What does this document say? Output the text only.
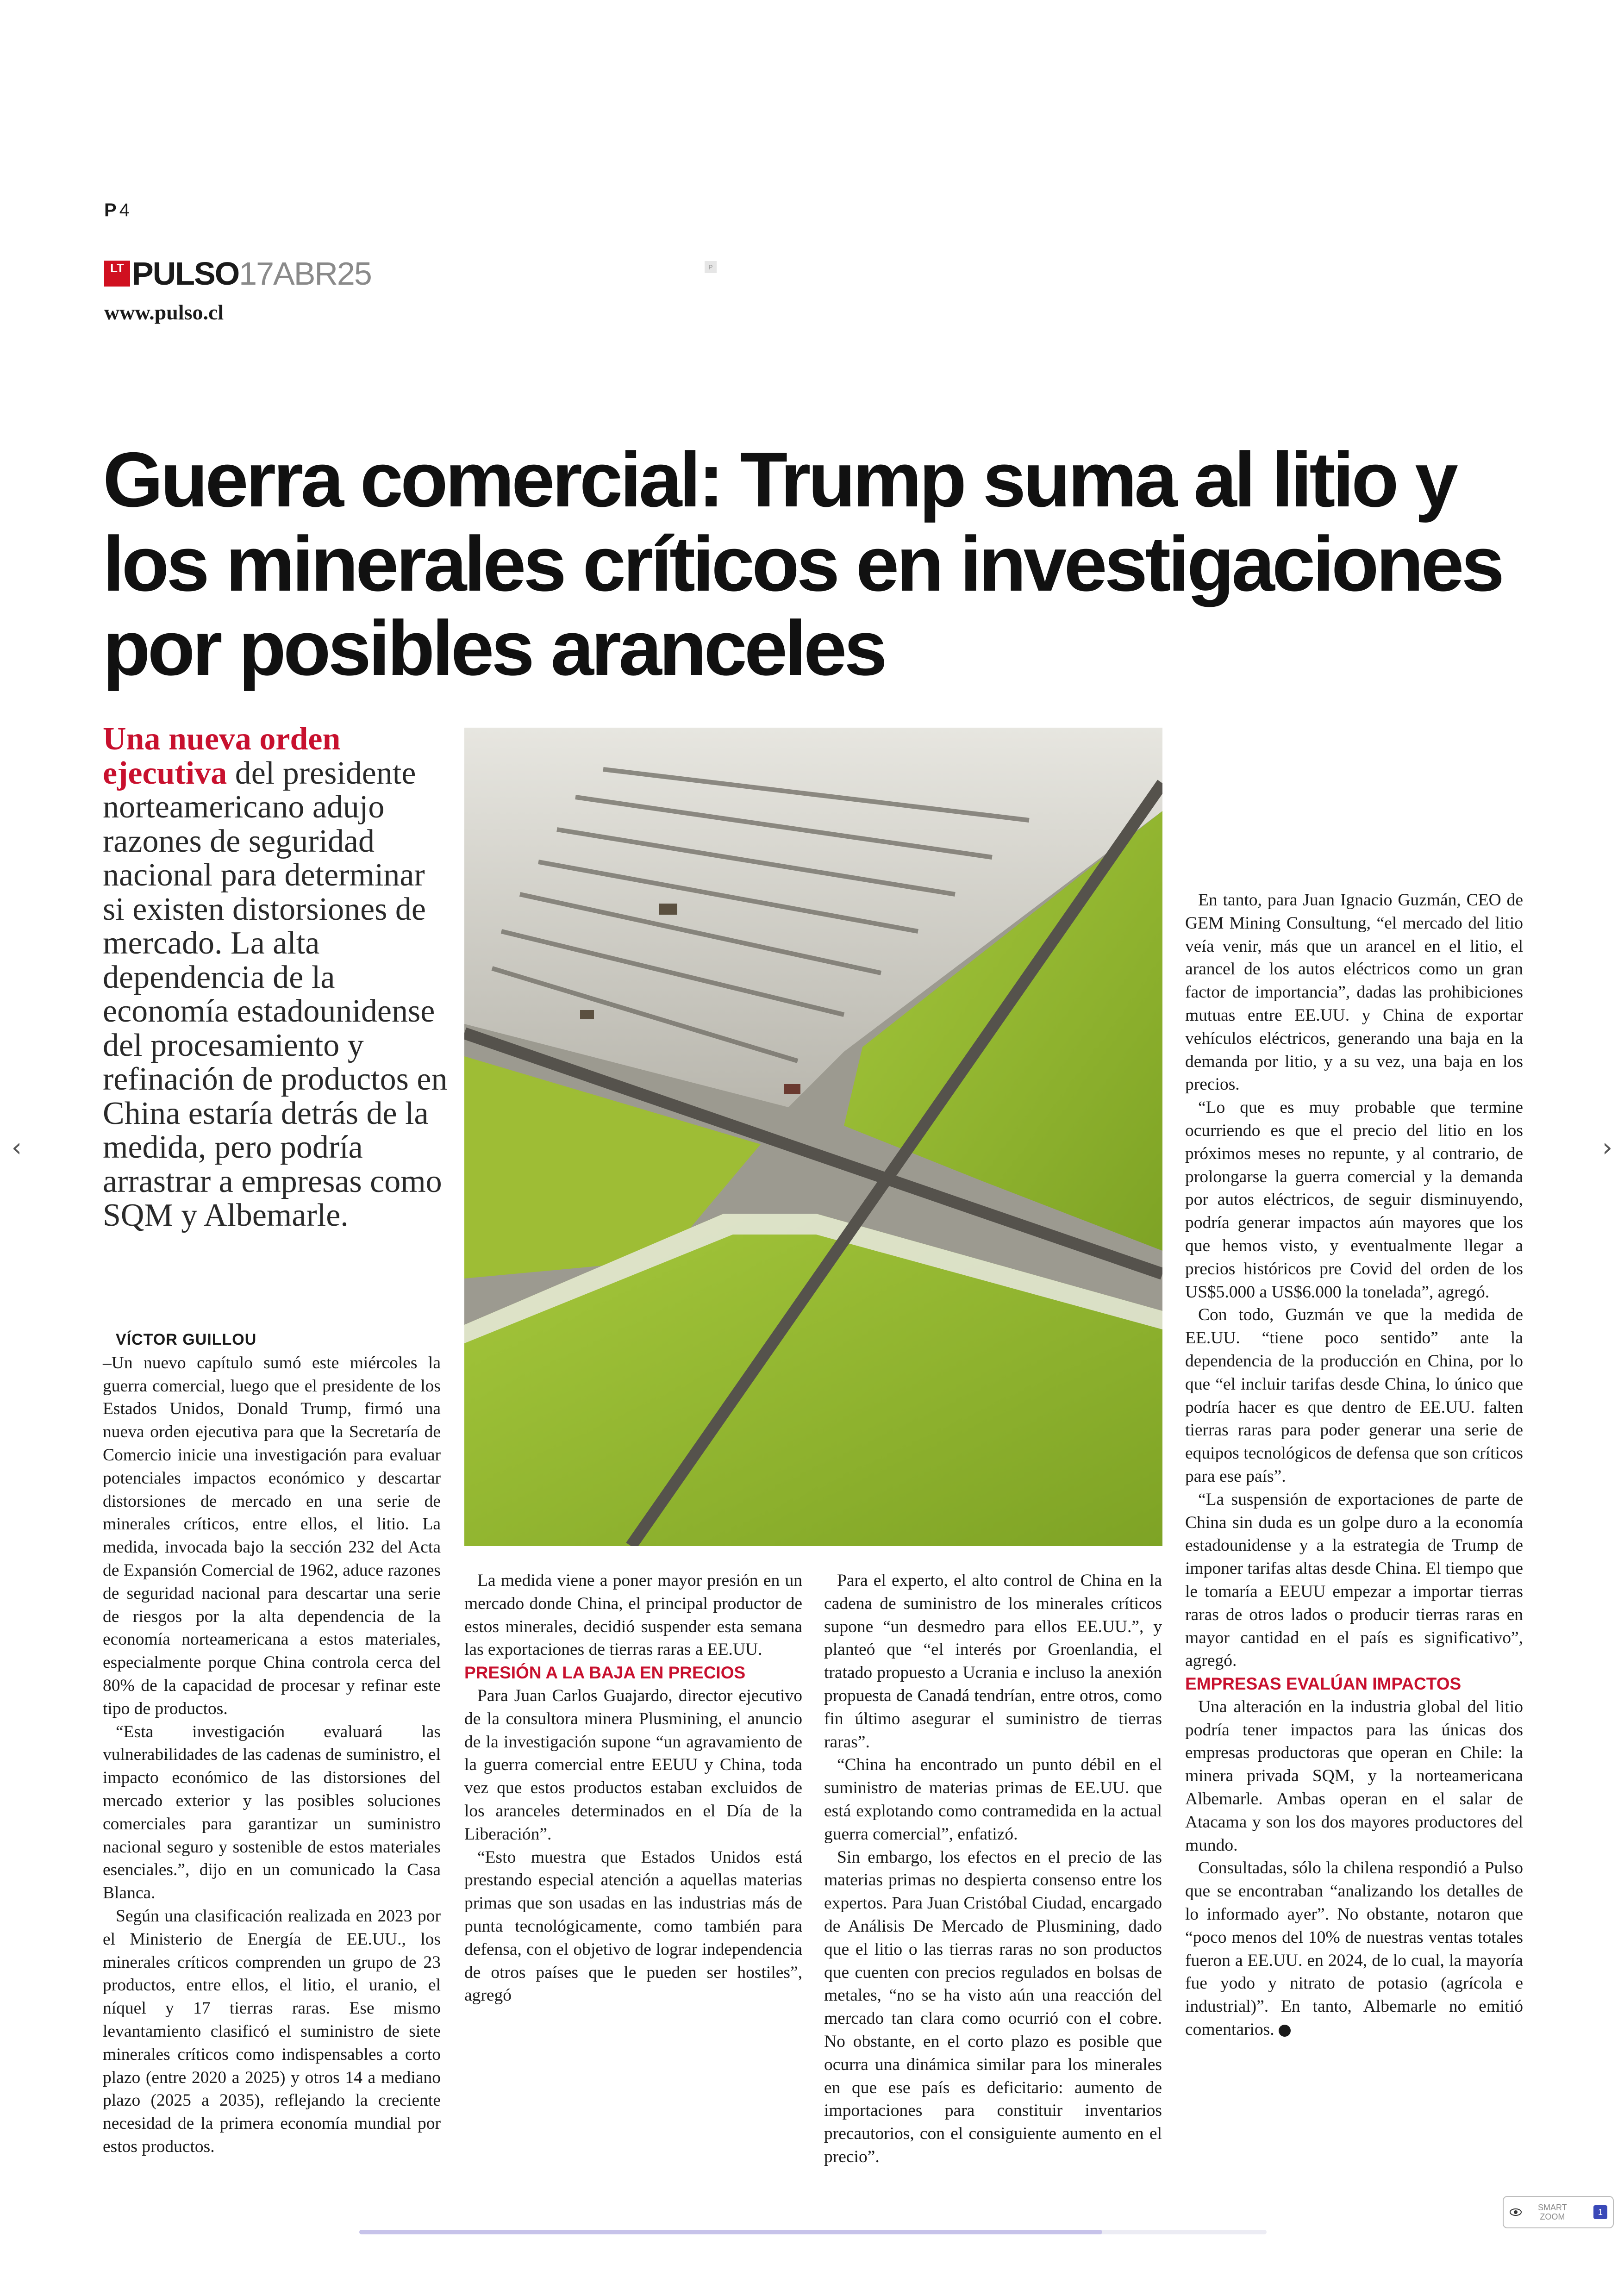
P 4
LT PULSO 17ABR25
www.pulso.cl
P
Guerra comercial: Trump suma al litio y los minerales críticos en investigaciones por posibles aranceles

Una nueva orden ejecutiva del presidente norteamericano adujo razones de seguridad nacional para determinar si existen distorsiones de mercado. La alta dependencia de la economía estadounidense del procesamiento y refinación de productos en China estaría detrás de la medida, pero podría arrastrar a empresas como SQM y Albemarle.

VÍCTOR GUILLOU

–Un nuevo capítulo sumó este miércoles la guerra comercial, luego que el presidente de los Estados Unidos, Donald Trump, firmó una nueva orden ejecutiva para que la Secretaría de Comercio inicie una investigación para evaluar potenciales impactos económico y descartar distorsiones de mercado en una serie de minerales críticos, entre ellos, el litio. La medida, invocada bajo la sección 232 del Acta de Expansión Comercial de 1962, aduce razones de seguridad nacional para descartar una serie de riesgos por la alta dependencia de la economía norteamericana a estos materiales, especialmente porque China controla cerca del 80% de la capacidad de procesar y refinar este tipo de productos.

“Esta investigación evaluará las vulnerabilidades de las cadenas de suministro, el impacto económico de las distorsiones del mercado exterior y las posibles soluciones comerciales para garantizar un suministro nacional seguro y sostenible de estos materiales esenciales.”, dijo en un comunicado la Casa Blanca.

Según una clasificación realizada en 2023 por el Ministerio de Energía de EE.UU., los minerales críticos comprenden un grupo de 23 productos, entre ellos, el litio, el uranio, el níquel y 17 tierras raras. Ese mismo levantamiento clasificó el suministro de siete minerales críticos como indispensables a corto plazo (entre 2020 a 2025) y otros 14 a mediano plazo (2025 a 2035), reflejando la creciente necesidad de la primera economía mundial por estos productos.

La medida viene a poner mayor presión en un mercado donde China, el principal productor de estos minerales, decidió suspender esta semana las exportaciones de tierras raras a EE.UU.

PRESIÓN A LA BAJA EN PRECIOS

Para Juan Carlos Guajardo, director ejecutivo de la consultora minera Plusmining, el anuncio de la investigación supone “un agravamiento de la guerra comercial entre EEUU y China, toda vez que estos productos estaban excluidos de los aranceles determinados en el Día de la Liberación”.

“Esto muestra que Estados Unidos está prestando especial atención a aquellas materias primas que son usadas en las industrias más de punta tecnológicamente, como también para defensa, con el objetivo de lograr independencia de otros países que le pueden ser hostiles”, agregó

Para el experto, el alto control de China en la cadena de suministro de los minerales críticos supone “un desmedro para ellos EE.UU.”, y planteó que “el interés por Groenlandia, el tratado propuesto a Ucrania e incluso la anexión propuesta de Canadá tendrían, entre otros, como fin último asegurar el suministro de tierras raras”.

“China ha encontrado un punto débil en el suministro de materias primas de EE.UU. que está explotando como contramedida en la actual guerra comercial”, enfatizó.

Sin embargo, los efectos en el precio de las materias primas no despierta consenso entre los expertos. Para Juan Cristóbal Ciudad, encargado de Análisis De Mercado de Plusmining, dado que el litio o las tierras raras no son productos que cuenten con precios regulados en bolsas de metales, “no se ha visto aún una reacción del mercado tan clara como ocurrió con el cobre. No obstante, en el corto plazo es posible que ocurra una dinámica similar para los minerales en que ese país es deficitario: aumento de importaciones para constituir inventarios precautorios, con el consiguiente aumento en el precio”.

En tanto, para Juan Ignacio Guzmán, CEO de GEM Mining Consultung, “el mercado del litio veía venir, más que un arancel en el litio, el arancel de los autos eléctricos como un gran factor de importancia”, dadas las prohibiciones mutuas entre EE.UU. y China de exportar vehículos eléctricos, generando una baja en la demanda por litio, y a su vez, una baja en los precios.

“Lo que es muy probable que termine ocurriendo es que el precio del litio en los próximos meses no repunte, y al contrario, de prolongarse la guerra comercial y la demanda por autos eléctricos, de seguir disminuyendo, podría generar impactos aún mayores que los que hemos visto, y eventualmente llegar a precios históricos pre Covid del orden de los US$5.000 a US$6.000 la tonelada”, agregó.

Con todo, Guzmán ve que la medida de EE.UU. “tiene poco sentido” ante la dependencia de la producción en China, por lo que “el incluir tarifas desde China, lo único que podría hacer es que dentro de EE.UU. falten tierras raras para poder generar una serie de equipos tecnológicos de defensa que son críticos para ese país”.

“La suspensión de exportaciones de parte de China sin duda es un golpe duro a la economía estadounidense y a la estrategia de Trump de imponer tarifas altas desde China. El tiempo que le tomaría a EEUU empezar a importar tierras raras de otros lados o producir tierras raras en mayor cantidad en el país es significativo”, agregó.

EMPRESAS EVALÚAN IMPACTOS

Una alteración en la industria global del litio podría tener impactos para las únicas dos empresas productoras que operan en Chile: la minera privada SQM, y la norteamericana Albemarle. Ambas operan en el salar de Atacama y son los dos mayores productores del mundo.

Consultadas, sólo la chilena respondió a Pulso que se encontraban “analizando los detalles de lo informado ayer”. No obstante, notaron que “poco menos del 10% de nuestras ventas totales fueron a EE.UU. en 2024, de lo cual, la mayoría fue yodo y nitrato de potasio (agrícola e industrial)”. En tanto, Albemarle no emitió comentarios.

‹	›
SMART
ZOOM	1
